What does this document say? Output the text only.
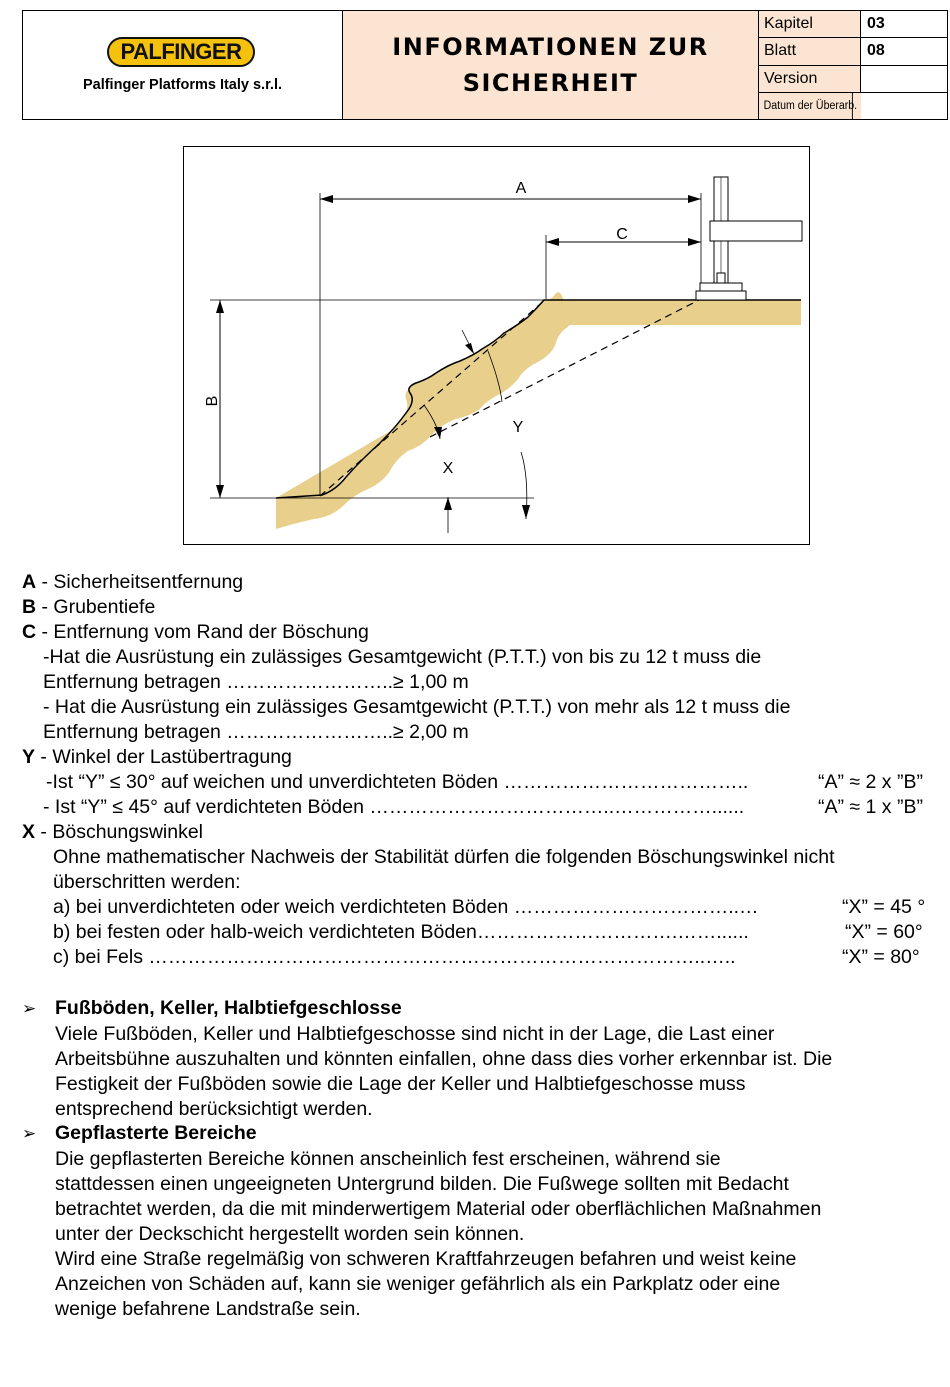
PALFINGER
Palfinger Platforms Italy s.r.l.
INFORMATIONEN ZUR
SICHERHEIT
Kapitel	03
Blatt	08
Version
Datum der Überarb.
B
A
C
Y
X
A - Sicherheitsentfernung
B - Grubentiefe
C - Entfernung vom Rand der Böschung
-Hat die Ausrüstung ein zulässiges Gesamtgewicht (P.T.T.) von bis zu 12 t muss die
Entfernung betragen ……………………..≥ 1,00 m
- Hat die Ausrüstung ein zulässiges Gesamtgewicht (P.T.T.) von mehr als 12 t muss die
Entfernung betragen ……………………..≥ 2,00 m
Y - Winkel der Lastübertragung
-Ist “Y” ≤ 30° auf weichen und unverdichteten Böden ………………………………..	“A” ≈ 2 x ”B”
- Ist “Y” ≤ 45° auf verdichteten Böden ………………………………..……………......	“A” ≈ 1 x ”B”
X - Böschungswinkel
Ohne mathematischer Nachweis der Stabilität dürfen die folgenden Böschungswinkel nicht
überschritten werden:
a) bei unverdichteten oder weich verdichteten Böden ……………………………..…	“X” = 45 °
b) bei festen oder halb-weich verdichteten Böden………………………….……......	“X” = 60°
c) bei Fels …………………………………………………………………………..…..	“X” = 80°
➢ Fußböden, Keller, Halbtiefgeschlosse
Viele Fußböden, Keller und Halbtiefgeschosse sind nicht in der Lage, die Last einer
Arbeitsbühne auszuhalten und könnten einfallen, ohne dass dies vorher erkennbar ist. Die
Festigkeit der Fußböden sowie die Lage der Keller und Halbtiefgeschosse muss
entsprechend berücksichtigt werden.
➢ Gepflasterte Bereiche
Die gepflasterten Bereiche können anscheinlich fest erscheinen, während sie
stattdessen einen ungeeigneten Untergrund bilden. Die Fußwege sollten mit Bedacht
betrachtet werden, da die mit minderwertigem Material oder oberflächlichen Maßnahmen
unter der Deckschicht hergestellt worden sein können.
Wird eine Straße regelmäßig von schweren Kraftfahrzeugen befahren und weist keine
Anzeichen von Schäden auf, kann sie weniger gefährlich als ein Parkplatz oder eine
wenige befahrene Landstraße sein.
